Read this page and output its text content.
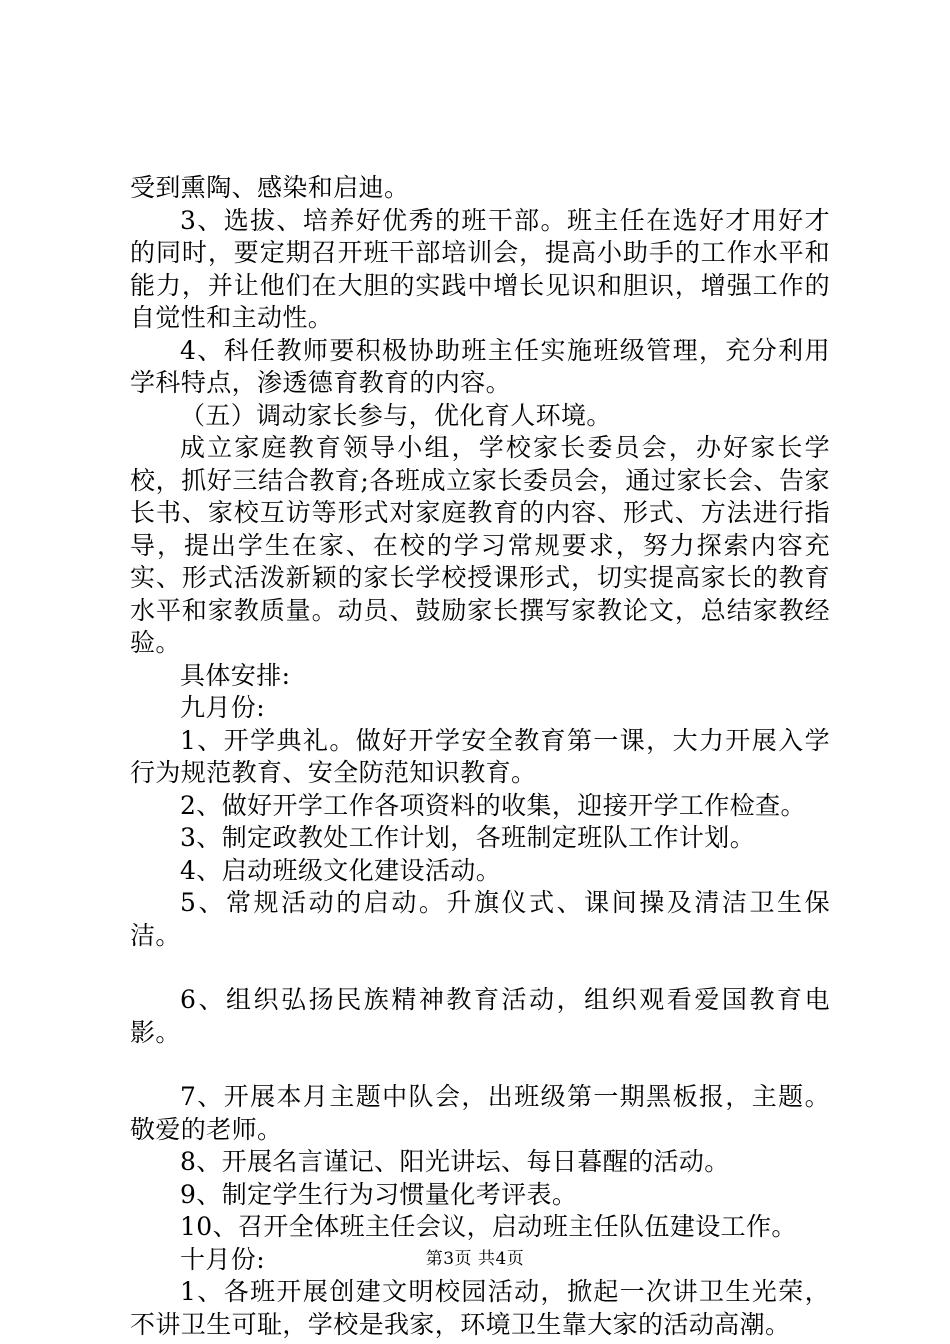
受到熏陶、感染和启迪。

3、选拔、培养好优秀的班干部。班主任在选好才用好才的同时，要定期召开班干部培训会，提高小助手的工作水平和能力，并让他们在大胆的实践中增长见识和胆识，增强工作的自觉性和主动性。

4、科任教师要积极协助班主任实施班级管理，充分利用学科特点，渗透德育教育的内容。

（五）调动家长参与，优化育人环境。

成立家庭教育领导小组，学校家长委员会，办好家长学校，抓好三结合教育;各班成立家长委员会，通过家长会、告家长书、家校互访等形式对家庭教育的内容、形式、方法进行指导，提出学生在家、在校的学习常规要求，努力探索内容充实、形式活泼新颖的家长学校授课形式，切实提高家长的教育水平和家教质量。动员、鼓励家长撰写家教论文，总结家教经验。

具体安排:

九月份:

1、开学典礼。做好开学安全教育第一课，大力开展入学行为规范教育、安全防范知识教育。

2、做好开学工作各项资料的收集，迎接开学工作检查。

3、制定政教处工作计划，各班制定班队工作计划。

4、启动班级文化建设活动。

5、常规活动的启动。升旗仪式、课间操及清洁卫生保洁。

6、组织弘扬民族精神教育活动，组织观看爱国教育电影。

7、开展本月主题中队会，出班级第一期黑板报，主题。敬爱的老师。

8、开展名言谨记、阳光讲坛、每日暮醒的活动。

9、制定学生行为习惯量化考评表。

10、召开全体班主任会议，启动班主任队伍建设工作。

十月份:

1、各班开展创建文明校园活动，掀起一次讲卫生光荣，不讲卫生可耻，学校是我家，环境卫生靠大家的活动高潮。

第3页 共4页
